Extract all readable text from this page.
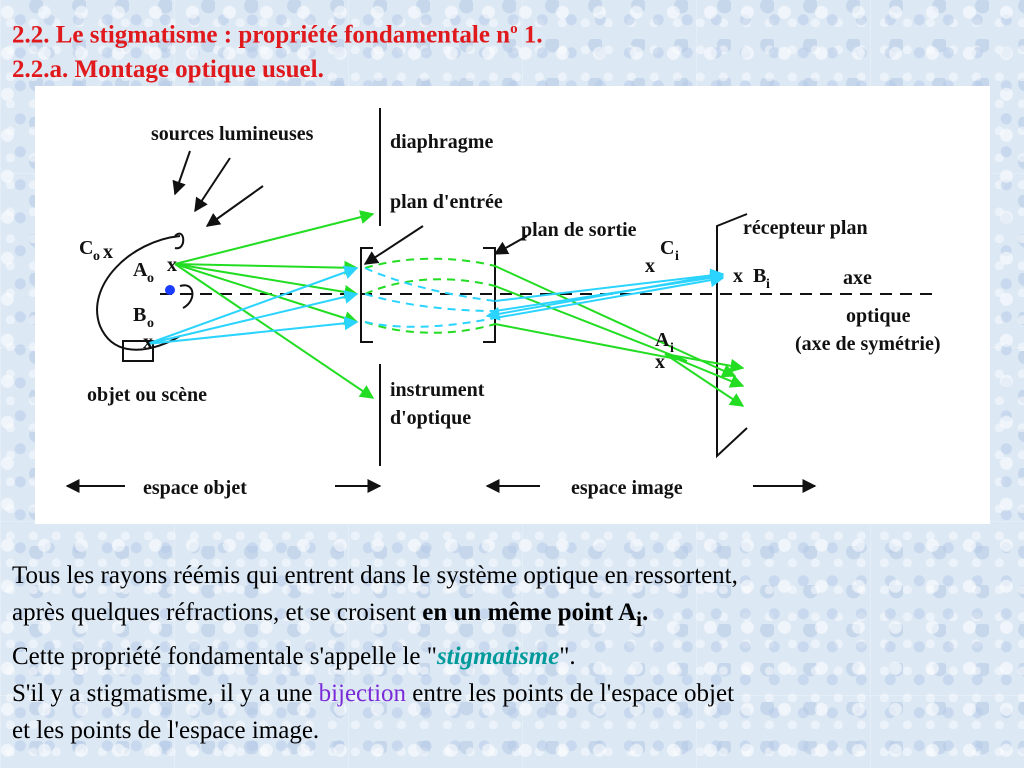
2.2. Le stigmatisme : propriété fondamentale $n^o$ 1.
2.2.a. Montage optique usuel.
sources lumineuses	diaphragme
plan d'entrée
plan de sortie	récepteur plan
axe
optique
(axe de symétrie)
objet ou scène	instrument
d'optique
C o x
A o
x
B o
x
C i
x	x B i
A i
x
espace objet	espace image

Tous les rayons réémis qui entrent dans le système optique en ressortent,

après quelques réfractions, et se croisent en un même point $A_i$.

Cette propriété fondamentale s'appelle le "stigmatisme".

S'il y a stigmatisme, il y a une bijection entre les points de l'espace objet

et les points de l'espace image.
